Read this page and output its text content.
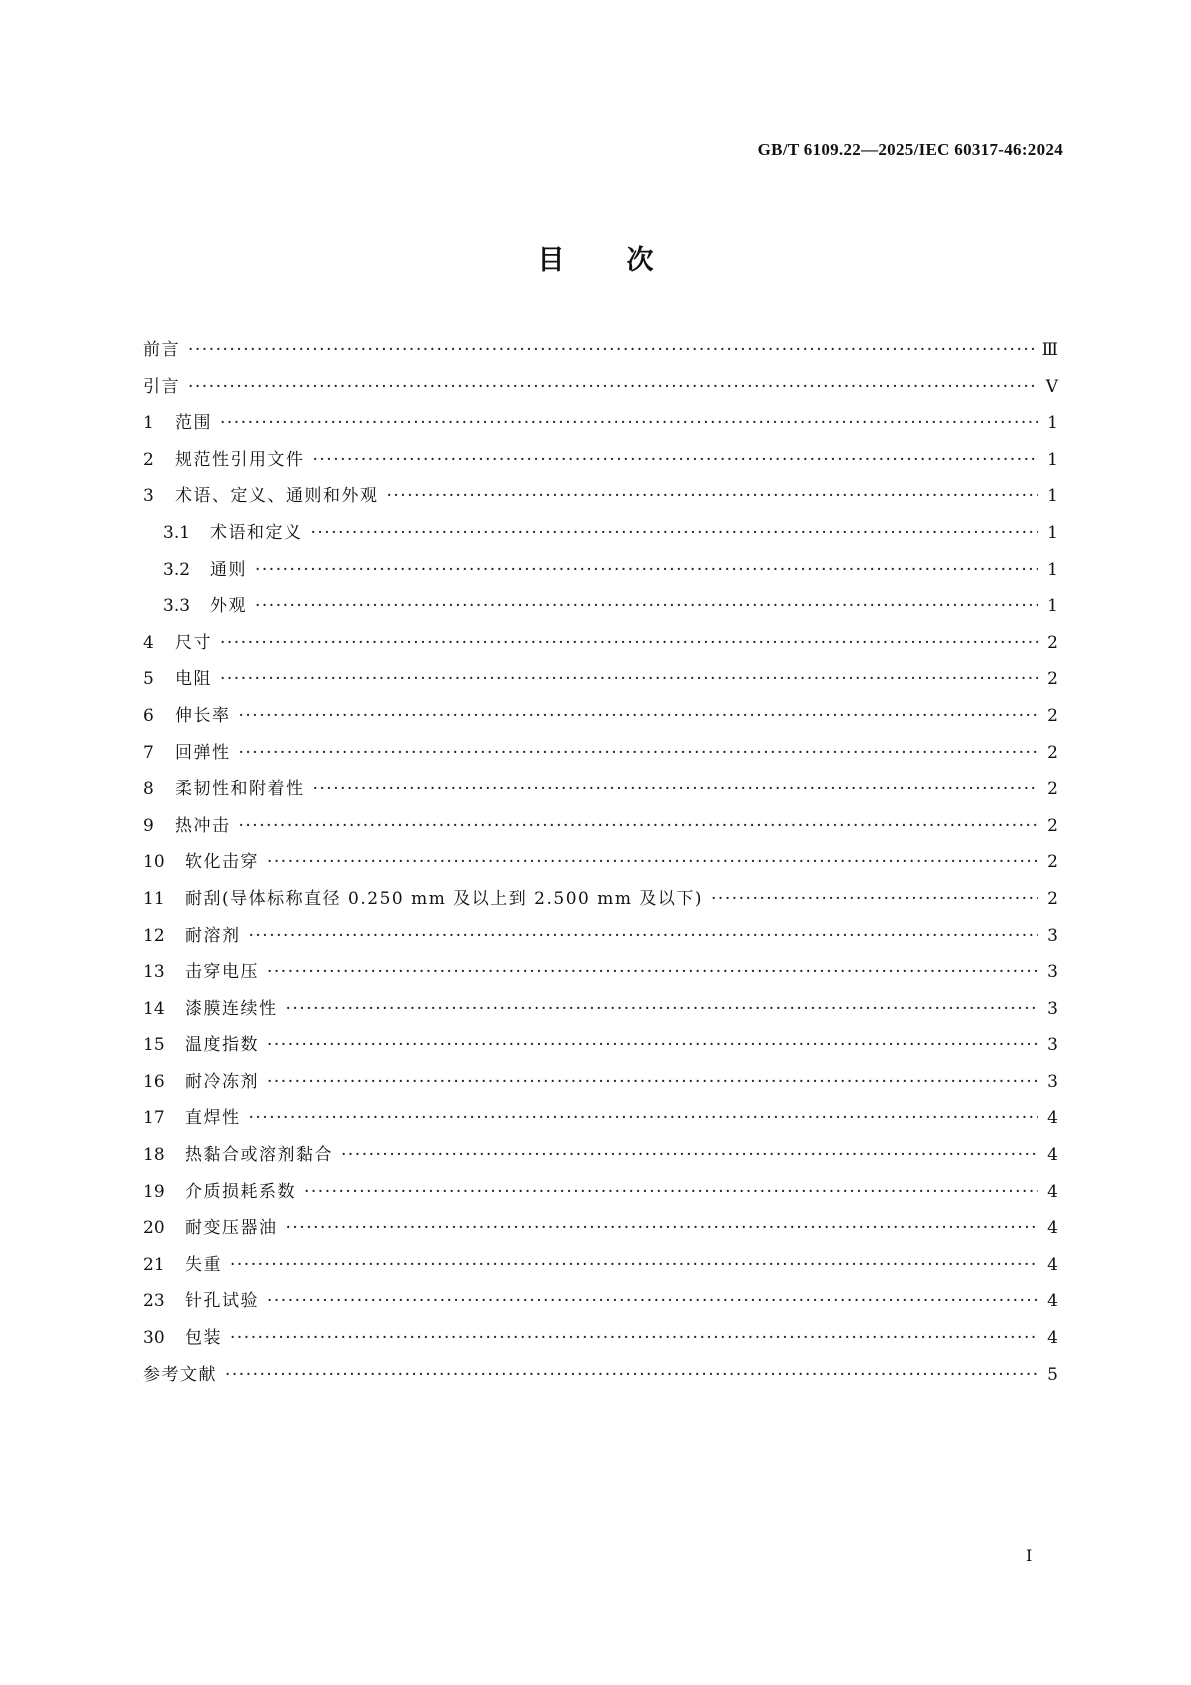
GB/T 6109.22—2025/IEC 60317-46:2024
目 次
前言 ·····	Ⅲ
引言 ·····	Ⅴ
1	范围 ·····	1
2	规范性引用文件 ·····	1
3	术语、定义、通则和外观 ·····	1
3.1	术语和定义 ·····	1
3.2	通则 ·····	1
3.3	外观 ·····	1
4	尺寸 ·····	2
5	电阻 ·····	2
6	伸长率 ·····	2
7	回弹性 ·····	2
8	柔韧性和附着性 ·····	2
9	热冲击 ·····	2
10	软化击穿 ·····	2
11	耐刮(导体标称直径 0.250 mm 及以上到 2.500 mm 及以下) ·····	2
12	耐溶剂 ·····	3
13	击穿电压 ·····	3
14	漆膜连续性 ·····	3
15	温度指数 ·····	3
16	耐冷冻剂 ·····	3
17	直焊性 ·····	4
18	热黏合或溶剂黏合 ·····	4
19	介质损耗系数 ·····	4
20	耐变压器油 ·····	4
21	失重 ·····	4
23	针孔试验 ·····	4
30	包装 ·····	4
参考文献 ·····	5
Ⅰ
